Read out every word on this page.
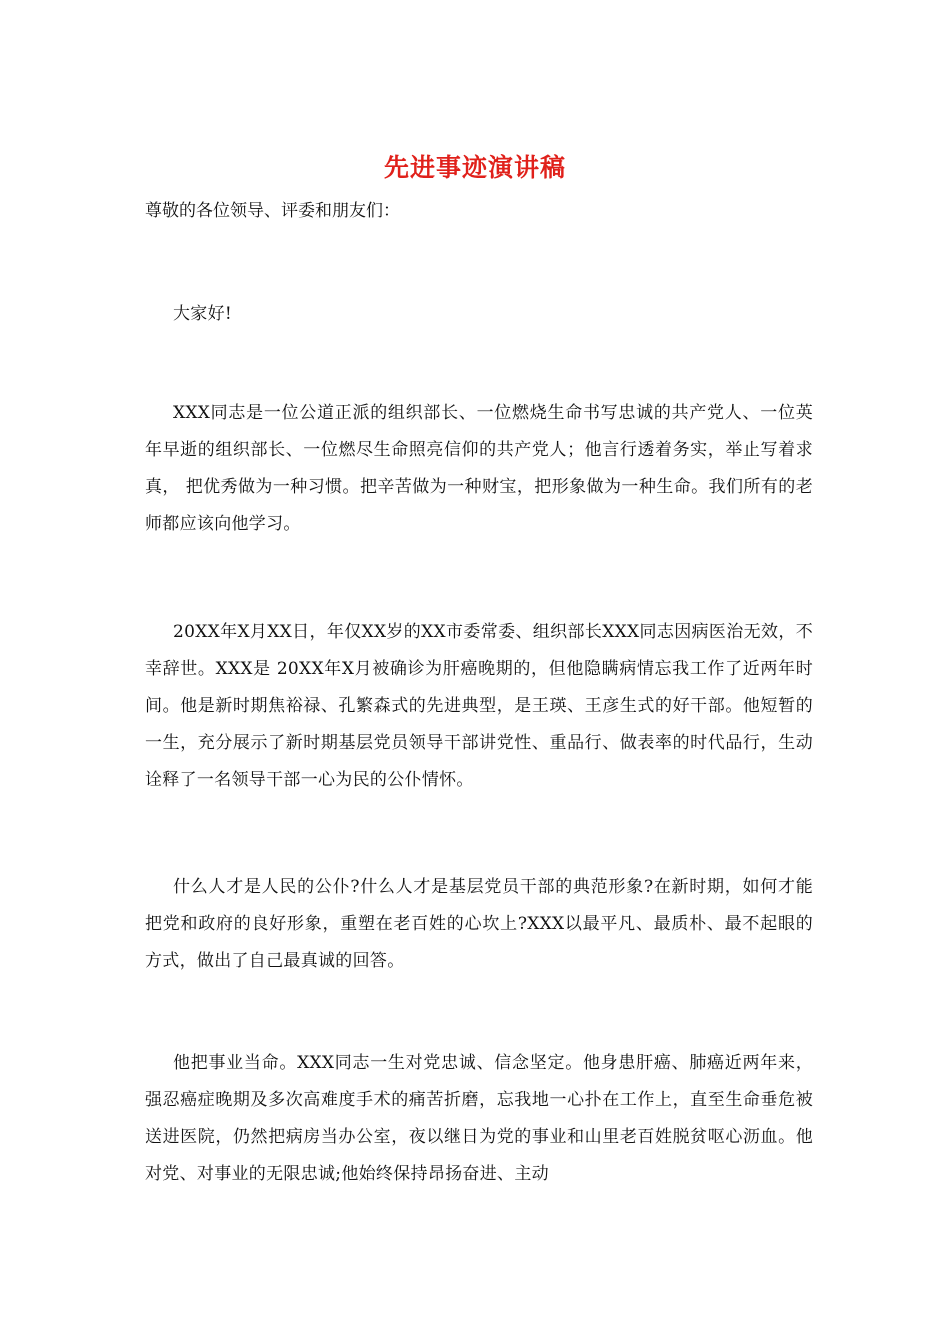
先进事迹演讲稿
尊敬的各位领导、评委和朋友们：

大家好!

XXX同志是一位公道正派的组织部长、一位燃烧生命书写忠诚的共产党人、一位英年早逝的组织部长、一位燃尽生命照亮信仰的共产党人；他言行透着务实，举止写着求真， 把优秀做为一种习惯。把辛苦做为一种财宝，把形象做为一种生命。我们所有的老师都应该向他学习。

20XX年X月XX日，年仅XX岁的XX市委常委、组织部长XXX同志因病医治无效，不幸辞世。XXX是 20XX年X月被确诊为肝癌晚期的，但他隐瞒病情忘我工作了近两年时间。他是新时期焦裕禄、孔繁森式的先进典型，是王瑛、王彦生式的好干部。他短暂的一生，充分展示了新时期基层党员领导干部讲党性、重品行、做表率的时代品行，生动诠释了一名领导干部一心为民的公仆情怀。

什么人才是人民的公仆?什么人才是基层党员干部的典范形象?在新时期，如何才能把党和政府的良好形象，重塑在老百姓的心坎上?XXX以最平凡、最质朴、最不起眼的方式，做出了自己最真诚的回答。

他把事业当命。XXX同志一生对党忠诚、信念坚定。他身患肝癌、肺癌近两年来， 强忍癌症晚期及多次高难度手术的痛苦折磨，忘我地一心扑在工作上，直至生命垂危被送进医院，仍然把病房当办公室，夜以继日为党的事业和山里老百姓脱贫呕心沥血。他对党、对事业的无限忠诚;他始终保持昂扬奋进、主动
